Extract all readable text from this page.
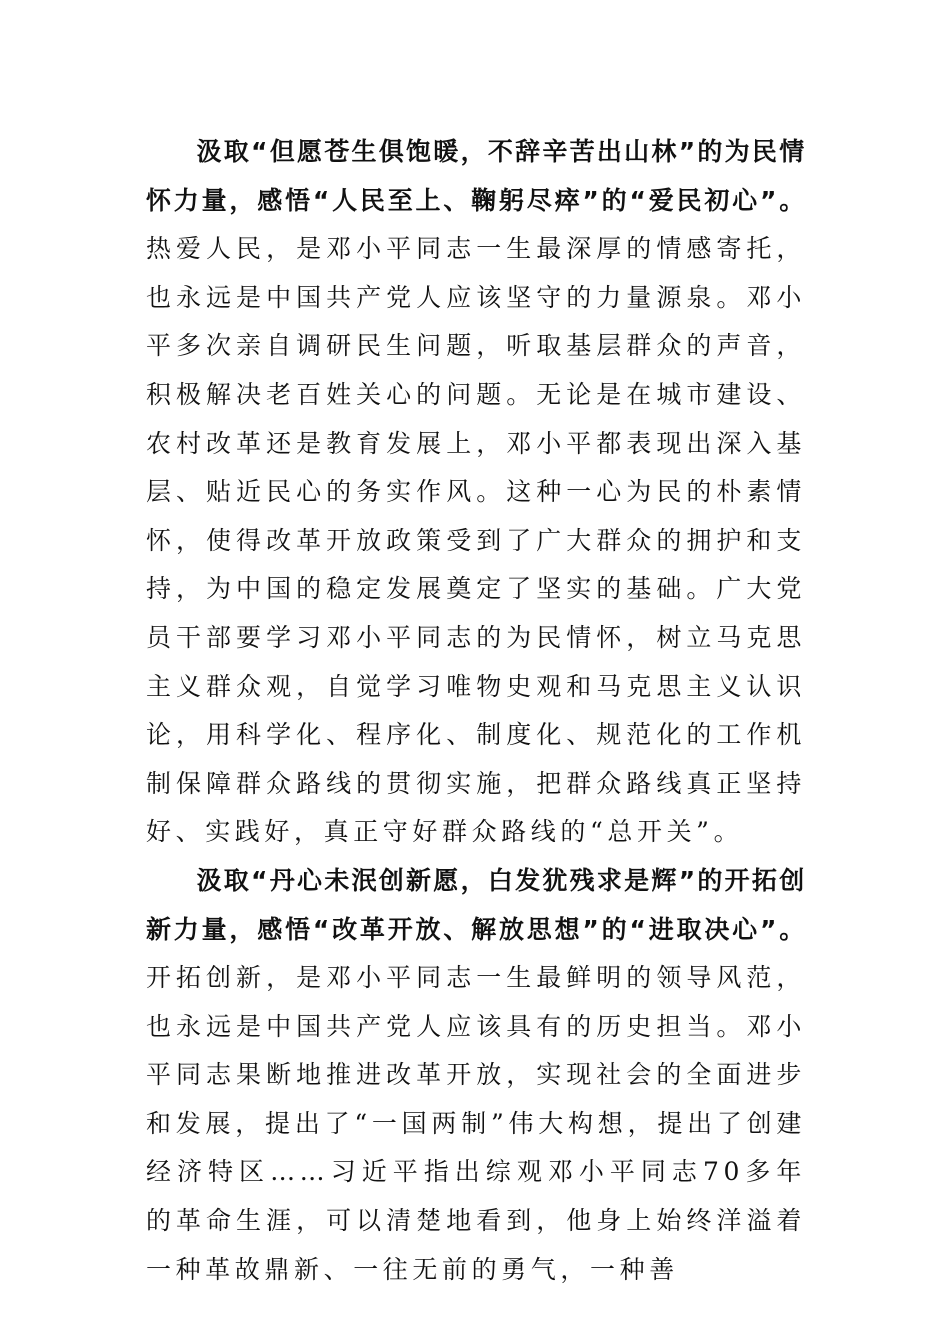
汲取“但愿苍生俱饱暖，不辞辛苦出山林”的为民情怀力量，感悟“人民至上、鞠躬尽瘁”的“爱民初心”。热爱人民，是邓小平同志一生最深厚的情感寄托，也永远是中国共产党人应该坚守的力量源泉。邓小平多次亲自调研民生问题，听取基层群众的声音，积极解决老百姓关心的问题。无论是在城市建设、农村改革还是教育发展上，邓小平都表现出深入基层、贴近民心的务实作风。这种一心为民的朴素情怀，使得改革开放政策受到了广大群众的拥护和支持，为中国的稳定发展奠定了坚实的基础。广大党员干部要学习邓小平同志的为民情怀，树立马克思主义群众观，自觉学习唯物史观和马克思主义认识论，用科学化、程序化、制度化、规范化的工作机制保障群众路线的贯彻实施，把群众路线真正坚持好、实践好，真正守好群众路线的“总开关”。

汲取“丹心未泯创新愿，白发犹残求是辉”的开拓创新力量，感悟“改革开放、解放思想”的“进取决心”。开拓创新，是邓小平同志一生最鲜明的领导风范，也永远是中国共产党人应该具有的历史担当。邓小平同志果断地推进改革开放，实现社会的全面进步和发展，提出了“一国两制”伟大构想，提出了创建经济特区……习近平指出综观邓小平同志70多年的革命生涯，可以清楚地看到，他身上始终洋溢着一种革故鼎新、一往无前的勇气，一种善
